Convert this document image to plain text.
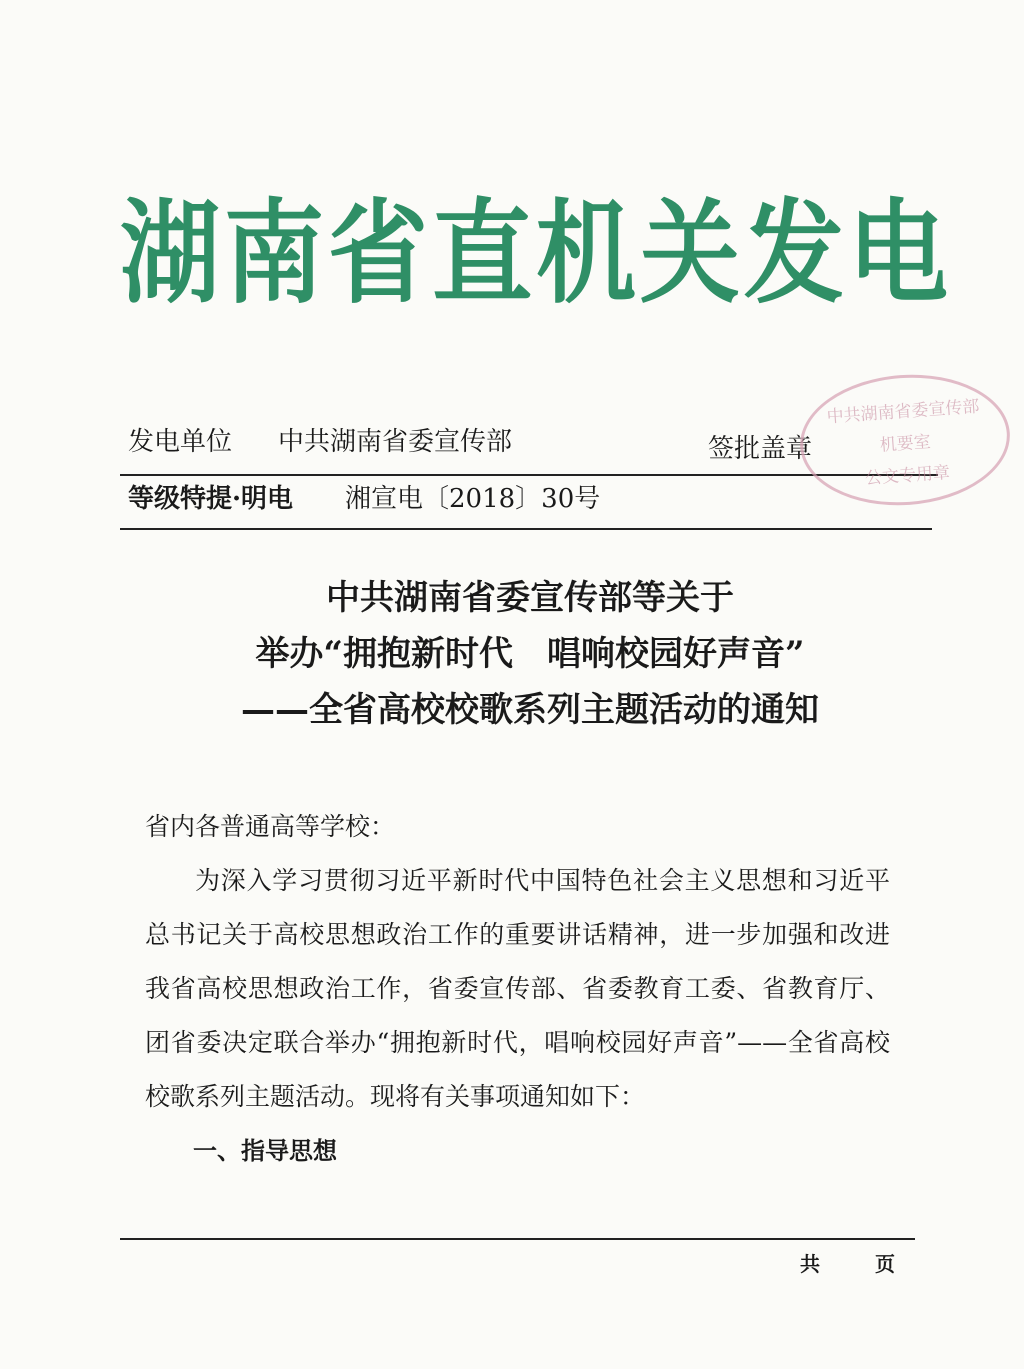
湖南省直机关发电
发电单位 中共湖南省委宣传部	签批盖章
等级特提·明电 湘宣电〔2018〕30号
中共湖南省委宣传部
机要室
公文专用章
中共湖南省委宣传部等关于
举办“拥抱新时代　唱响校园好声音”
——全省高校校歌系列主题活动的通知

省内各普通高等学校：

为深入学习贯彻习近平新时代中国特色社会主义思想和习近平总书记关于高校思想政治工作的重要讲话精神，进一步加强和改进我省高校思想政治工作，省委宣传部、省委教育工委、省教育厅、团省委决定联合举办“拥抱新时代，唱响校园好声音”——全省高校校歌系列主题活动。现将有关事项通知如下：

一、指导思想

共	页
